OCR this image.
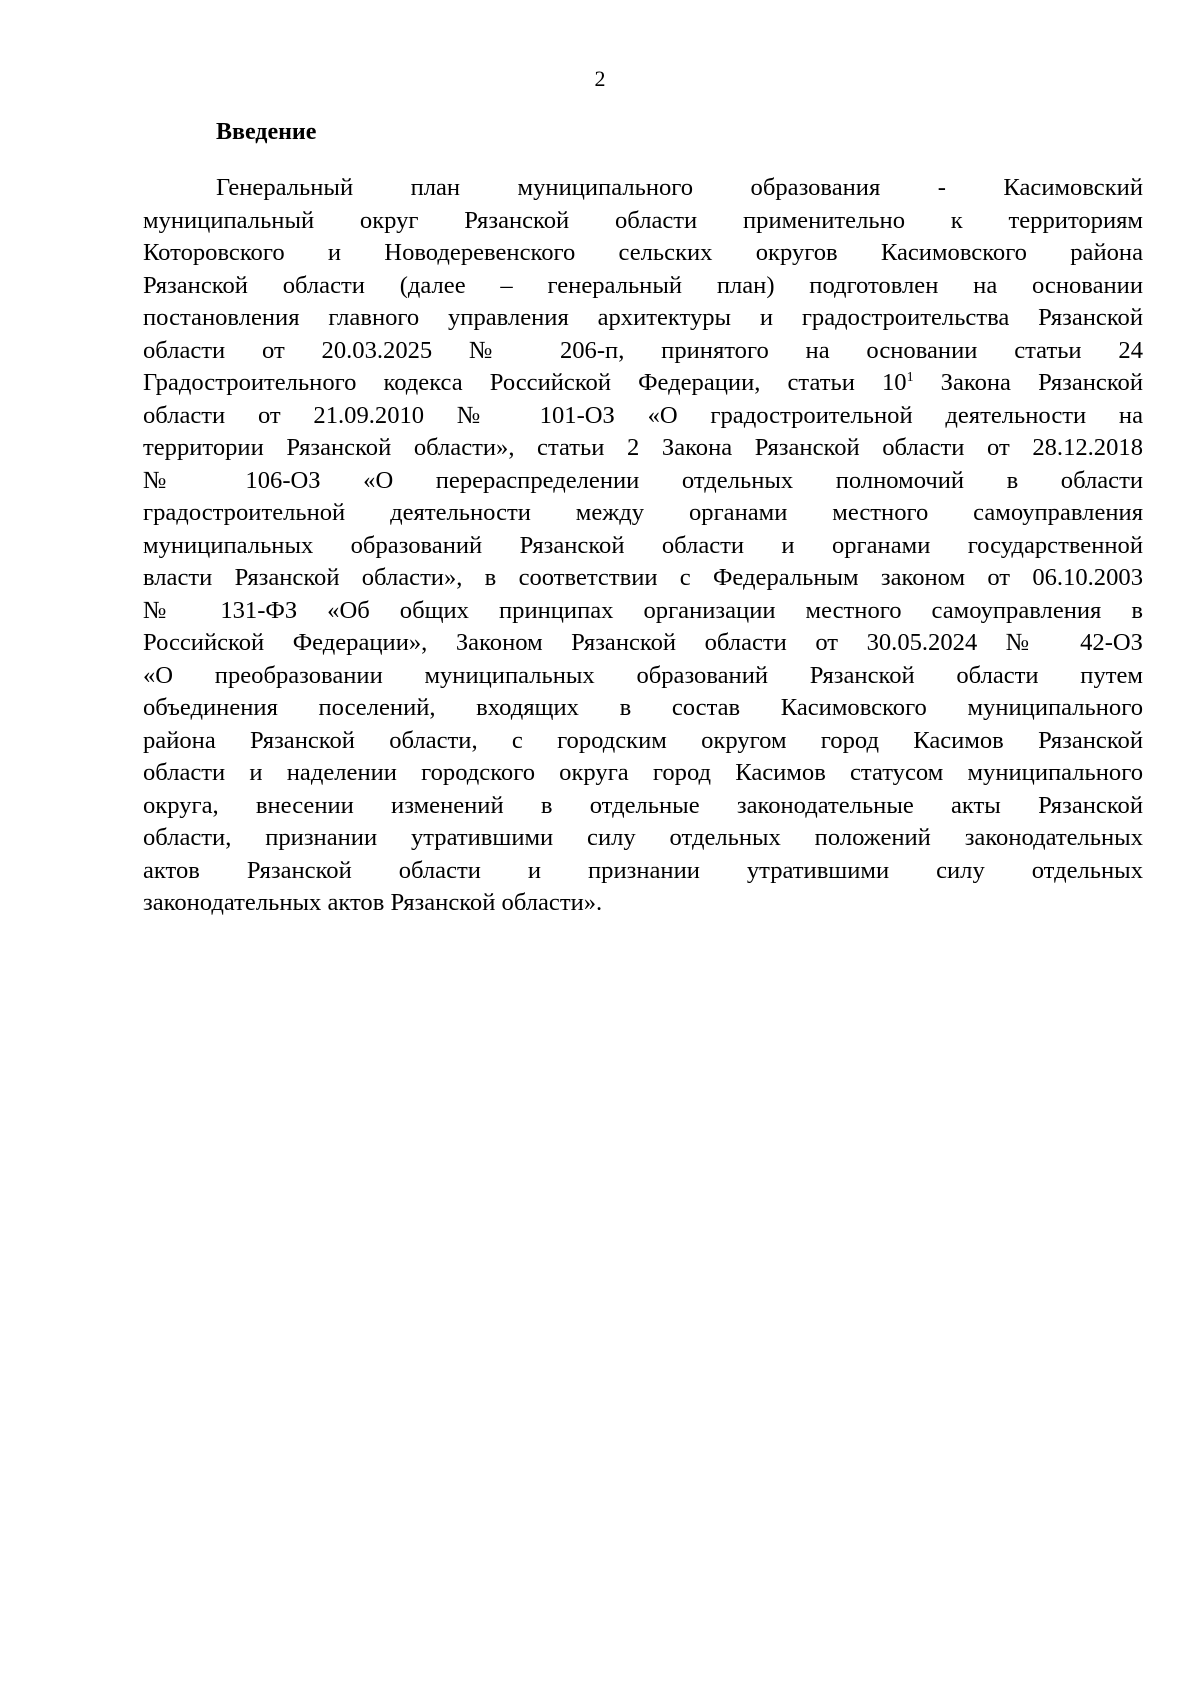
2
Введение
Генеральный план муниципального образования - Касимовский
муниципальный округ Рязанской области применительно к территориям
Которовского и Новодеревенского сельских округов Касимовского района
Рязанской области (далее – генеральный план) подготовлен на основании
постановления главного управления архитектуры и градостроительства Рязанской
области от 20.03.2025 № 206-п, принятого на основании статьи 24
Градостроительного кодекса Российской Федерации, статьи $10^1$ Закона Рязанской
области от 21.09.2010 № 101-ОЗ «О градостроительной деятельности на
территории Рязанской области», статьи 2 Закона Рязанской области от 28.12.2018
№ 106-ОЗ «О перераспределении отдельных полномочий в области
градостроительной деятельности между органами местного самоуправления
муниципальных образований Рязанской области и органами государственной
власти Рязанской области», в соответствии с Федеральным законом от 06.10.2003
№ 131-ФЗ «Об общих принципах организации местного самоуправления в
Российской Федерации», Законом Рязанской области от 30.05.2024 № 42-ОЗ
«О преобразовании муниципальных образований Рязанской области путем
объединения поселений, входящих в состав Касимовского муниципального
района Рязанской области, с городским округом город Касимов Рязанской
области и наделении городского округа город Касимов статусом муниципального
округа, внесении изменений в отдельные законодательные акты Рязанской
области, признании утратившими силу отдельных положений законодательных
актов Рязанской области и признании утратившими силу отдельных
законодательных актов Рязанской области».
